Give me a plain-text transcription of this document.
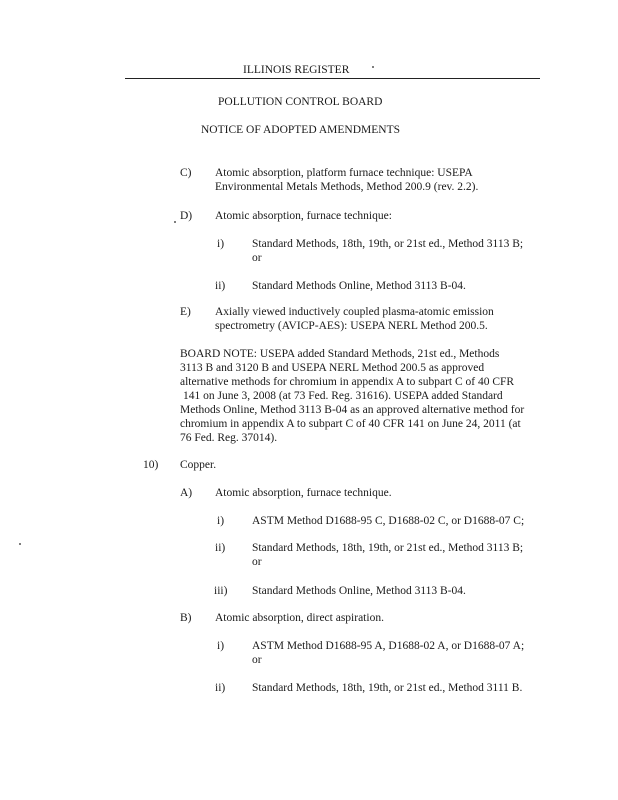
ILLINOIS REGISTER
POLLUTION CONTROL BOARD
NOTICE OF ADOPTED AMENDMENTS
C) Atomic absorption, platform furnace technique: USEPA
Environmental Metals Methods, Method 200.9 (rev. 2.2).
D) Atomic absorption, furnace technique:
i) Standard Methods, 18th, 19th, or 21st ed., Method 3113 B;
or
ii) Standard Methods Online, Method 3113 B-04.
E) Axially viewed inductively coupled plasma-atomic emission
spectrometry (AVICP-AES): USEPA NERL Method 200.5.
BOARD NOTE: USEPA added Standard Methods, 21st ed., Methods
3113 B and 3120 B and USEPA NERL Method 200.5 as approved
alternative methods for chromium in appendix A to subpart C of 40 CFR
141 on June 3, 2008 (at 73 Fed. Reg. 31616). USEPA added Standard
Methods Online, Method 3113 B-04 as an approved alternative method for
chromium in appendix A to subpart C of 40 CFR 141 on June 24, 2011 (at
76 Fed. Reg. 37014).
10) Copper.
A) Atomic absorption, furnace technique.
i) ASTM Method D1688-95 C, D1688-02 C, or D1688-07 C;
ii) Standard Methods, 18th, 19th, or 21st ed., Method 3113 B;
or
iii) Standard Methods Online, Method 3113 B-04.
B) Atomic absorption, direct aspiration.
i) ASTM Method D1688-95 A, D1688-02 A, or D1688-07 A;
or
ii) Standard Methods, 18th, 19th, or 21st ed., Method 3111 B.
